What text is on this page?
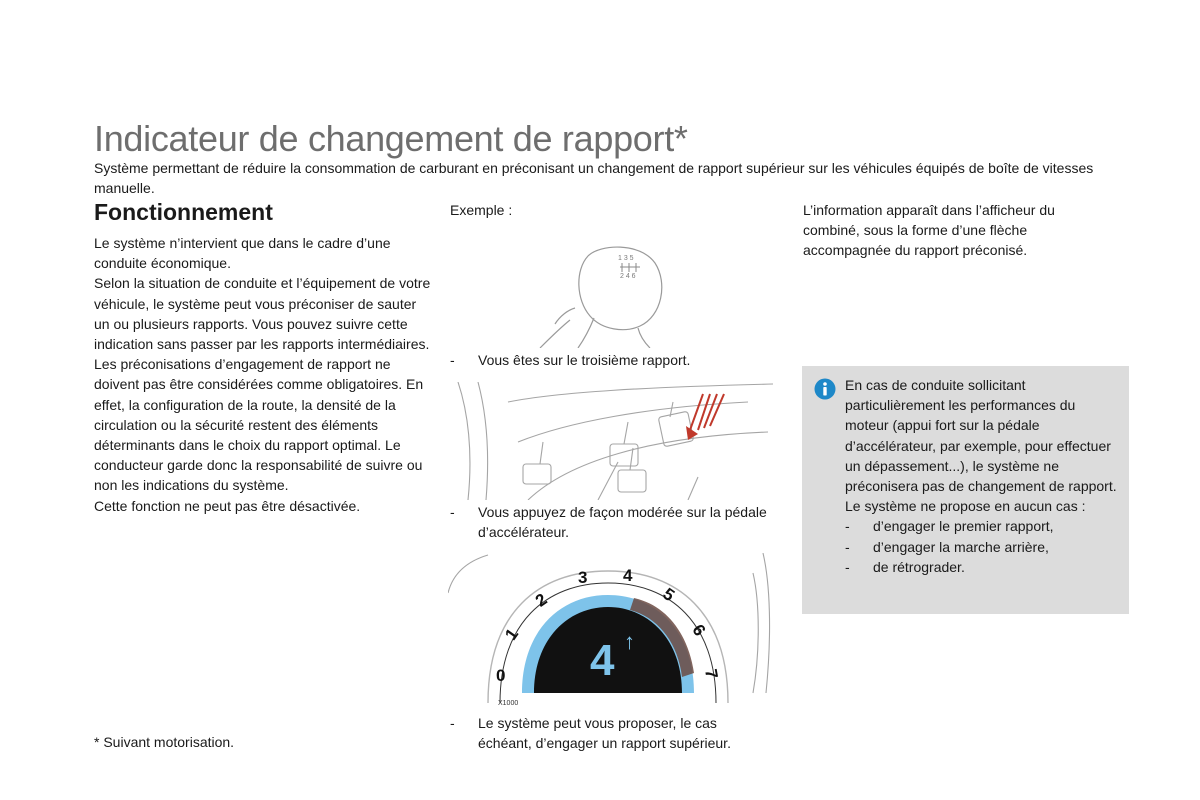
Indicateur de changement de rapport*
Système permettant de réduire la consommation de carburant en préconisant un changement de rapport supérieur sur les véhicules équipés de boîte de vitesses manuelle.
Fonctionnement

Le système n’intervient que dans le cadre d’une conduite économique.

Selon la situation de conduite et l’équipement de votre véhicule, le système peut vous préconiser de sauter un ou plusieurs rapports. Vous pouvez suivre cette indication sans passer par les rapports intermédiaires.

Les préconisations d’engagement de rapport ne doivent pas être considérées comme obligatoires. En effet, la configuration de la route, la densité de la circulation ou la sécurité restent des éléments déterminants dans le choix du rapport optimal. Le conducteur garde donc la responsabilité de suivre ou non les indications du système.

Cette fonction ne peut pas être désactivée.

* Suivant motorisation.
Exemple :
1 3 5
2 4 6
-	Vous êtes sur le troisième rapport.
-	Vous appuyez de façon modérée sur la pédale d’accélérateur.
0
1
2
3 4
5
6
7
X1000
4 ↑
-	Le système peut vous proposer, le cas échéant, d’engager un rapport supérieur.
L’information apparaît dans l’afficheur du combiné, sous la forme d’une flèche accompagnée du rapport préconisé.
En cas de conduite sollicitant particulièrement les performances du moteur (appui fort sur la pédale d’accélérateur, par exemple, pour effectuer un dépassement...), le système ne préconisera pas de changement de rapport.
Le système ne propose en aucun cas :
-	d’engager le premier rapport,
-	d’engager la marche arrière,
-	de rétrograder.
